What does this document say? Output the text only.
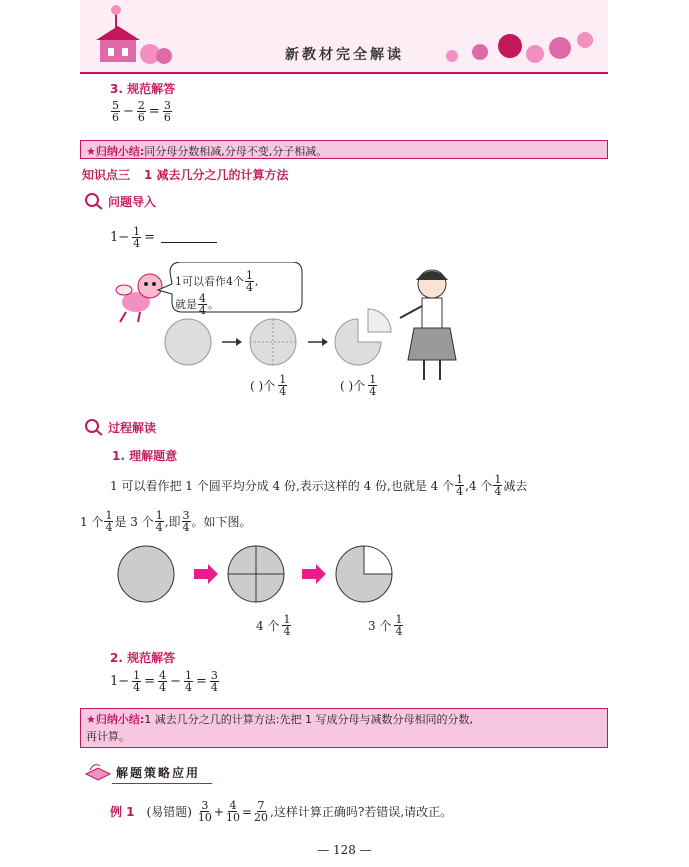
新教材完全解读
3. 规范解答
$\frac{5}{6} - \frac{2}{6} = \frac{3}{6}$
★归纳小结:同分母分数相减,分母不变,分子相减。
知识点三 1 减去几分之几的计算方法
问题导入
$1- \frac{1}{4}$ =
1可以看作4个 $\frac{1}{4}$ ,
就是 $\frac{4}{4}$ 。
( )个 $\frac{1}{4}$	( )个 $\frac{1}{4}$
过程解读
1. 理解题意
1 可以看作把 1 个圆平均分成 4 份,表示这样的 4 份,也就是 4 个 $\frac{1}{4} ,4$ 个 $\frac{1}{4}$ 减去
1 个 $\frac{1}{4}$ 是 3 个 $\frac{1}{4}$ ,即 $\frac{3}{4}$ 。如下图。
4 个 $\frac{1}{4}$	3 个 $\frac{1}{4}$
2. 规范解答
$1- \frac{1}{4} = \frac{4}{4} - \frac{1}{4} = \frac{3}{4}$
★归纳小结:1 减去几分之几的计算方法:先把 1 写成分母与减数分母相同的分数,
再计算。
解题策略应用
例 1 (易错题) $\frac{3}{10} + \frac{4}{10} = \frac{7}{20}$ ,这样计算正确吗?若错误,请改正。
— 128 —
